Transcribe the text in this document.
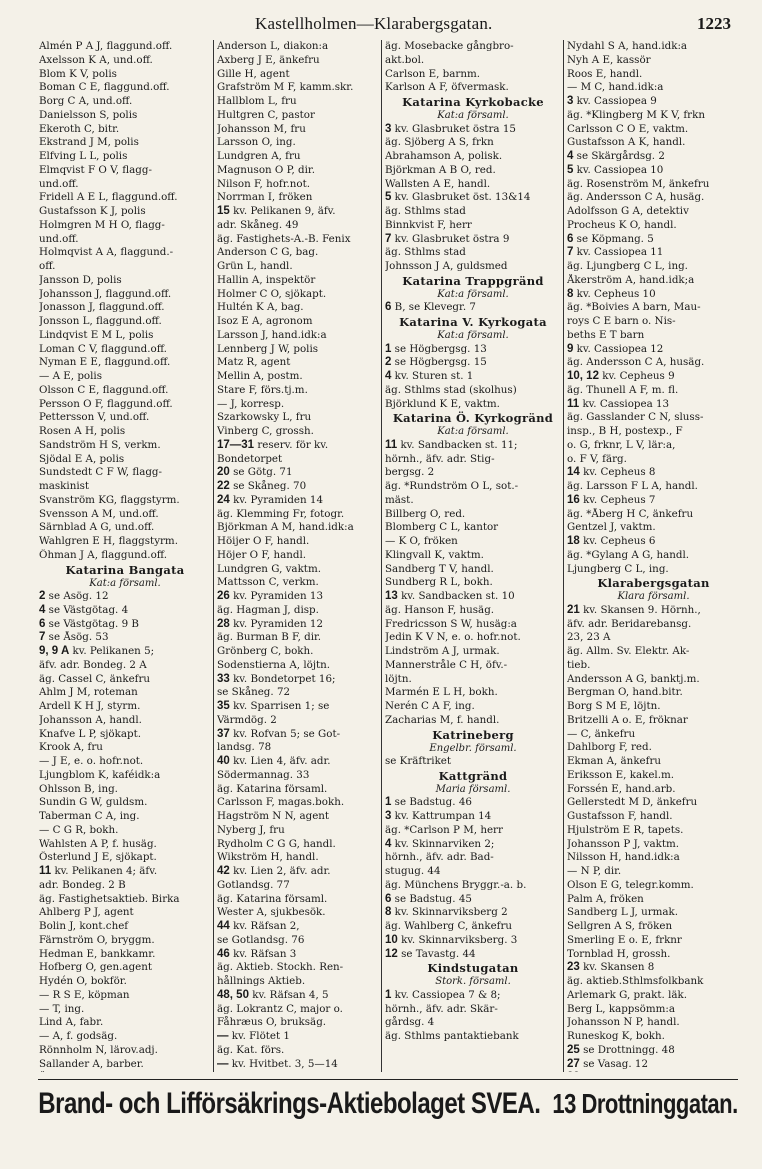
Kastellholmen—Klarabergsgatan.	1223
Almén P A J, flaggund.off.
Axelsson K A, und.off.
Blom K V, polis
Boman C E, flaggund.off.
Borg C A, und.off.
Danielsson S, polis
Ekeroth C, bitr.
Ekstrand J M, polis
Elfving L L, polis
Elmqvist F O V, flagg-
und.off.
Fridell A E L, flaggund.off.
Gustafsson K J, polis
Holmgren M H O, flagg-
und.off.
Holmqvist A A, flaggund.-
off.
Jansson D, polis
Johansson J, flaggund.off.
Jonasson J, flaggund.off.
Jonsson L, flaggund.off.
Lindqvist E M L, polis
Loman C V, flaggund.off.
Nyman E E, flaggund.off.
— A E, polis
Olsson C E, flaggund.off.
Persson O F, flaggund.off.
Pettersson V, und.off.
Rosen A H, polis
Sandström H S, verkm.
Sjödal E A, polis
Sundstedt C F W, flagg-
maskinist
Svanström KG, flaggstyrm.
Svensson A M, und.off.
Särnblad A G, und.off.
Wahlgren E H, flaggstyrm.
Öhman J A, flaggund.off.
Katarina Bangata
Kat:a församl.
2 se Asög. 12
4 se Västgötag. 4
6 se Västgötag. 9 B
7 se Åsög. 53
9, 9 A kv. Pelikanen 5;
äfv. adr. Bondeg. 2 A
äg. Cassel C, änkefru
Ahlm J M, roteman
Ardell K H J, styrm.
Johansson A, handl.
Knafve L P, sjökapt.
Krook A, fru
— J E, e. o. hofr.not.
Ljungblom K, kaféidk:a
Ohlsson B, ing.
Sundin G W, guldsm.
Taberman C A, ing.
— C G R, bokh.
Wahlsten A P, f. husäg.
Österlund J E, sjökapt.
11 kv. Pelikanen 4; äfv.
adr. Bondeg. 2 B
äg. Fastighetsaktieb. Birka
Ahlberg P J, agent
Bolin J, kont.chef
Färnström O, bryggm.
Hedman E, bankkamr.
Hofberg O, gen.agent
Hydén O, bokför.
— R S E, köpman
— T, ing.
Lind A, fabr.
— A, f. godsäg.
Rönnholm N, lärov.adj.
Sallander A, barber.
Anderson L, diakon:a
Axberg J E, änkefru
Gille H, agent
Grafström M F, kamm.skr.
Hallblom L, fru
Hultgren C, pastor
Johansson M, fru
Larsson O, ing.
Lundgren A, fru
Magnuson O P, dir.
Nilson F, hofr.not.
Norrman I, fröken
15 kv. Pelikanen 9, äfv.
adr. Skåneg. 49
äg. Fastighets-A.-B. Fenix
Anderson C G, bag.
Grün L, handl.
Hallin A, inspektör
Holmer C O, sjökapt.
Hultén K A, bag.
Isoz E A, agronom
Larsson J, hand.idk:a
Lennberg J W, polis
Matz R, agent
Mellin A, postm.
Stare F, förs.tj.m.
— J, korresp.
Szarkowsky L, fru
Vinberg C, grossh.
17—31 reserv. för kv.
Bondetorpet
20 se Götg. 71
22 se Skåneg. 70
24 kv. Pyramiden 14
äg. Klemming Fr, fotogr.
Björkman A M, hand.idk:a
Höijer O F, handl.
Höjer O F, handl.
Lundgren G, vaktm.
Mattsson C, verkm.
26 kv. Pyramiden 13
äg. Hagman J, disp.
28 kv. Pyramiden 12
äg. Burman B F, dir.
Grönberg C, bokh.
Sodenstierna A, löjtn.
33 kv. Bondetorpet 16;
se Skåneg. 72
35 kv. Sparrisen 1; se
Värmdög. 2
37 kv. Rofvan 5; se Got-
landsg. 78
40 kv. Lien 4, äfv. adr.
Södermannag. 33
äg. Katarina församl.
Carlsson F, magas.bokh.
Hagström N N, agent
Nyberg J, fru
Rydholm C G G, handl.
Wikström H, handl.
42 kv. Lien 2, äfv. adr.
Gotlandsg. 77
äg. Katarina församl.
Wester A, sjukbesök.
44 kv. Räfsan 2,
se Gotlandsg. 76
46 kv. Räfsan 3
äg. Aktieb. Stockh. Ren-
hållnings Aktieb.
48, 50 kv. Räfsan 4, 5
äg. Lokrantz C, major o.
Fåhræus O, bruksäg.
— kv. Flötet 1
äg. Kat. förs.
— kv. Hvitbet. 3, 5—14
äg. Mosebacke gångbro-
akt.bol.
Carlson E, barnm.
Karlson A F, öfvermask.
Katarina Kyrkobacke
Kat:a församl.
3 kv. Glasbruket östra 15
äg. Sjöberg A S, frkn
Abrahamson A, polisk.
Björkman A B O, red.
Wallsten A E, handl.
5 kv. Glasbruket öst. 13&14
äg. Sthlms stad
Binnkvist F, herr
7 kv. Glasbruket östra 9
äg. Sthlms stad
Johnsson J A, guldsmed
Katarina Trappgränd
Kat:a församl.
6 B, se Klevegr. 7
Katarina V. Kyrkogata
Kat:a församl.
1 se Högbergsg. 13
2 se Högbergsg. 15
4 kv. Sturen st. 1
äg. Sthlms stad (skolhus)
Björklund K E, vaktm.
Katarina Ö. Kyrkogränd
Kat:a församl.
11 kv. Sandbacken st. 11;
hörnh., äfv. adr. Stig-
bergsg. 2
äg. *Rundström O L, sot.-
mäst.
Billberg O, red.
Blomberg C L, kantor
— K O, fröken
Klingvall K, vaktm.
Sandberg T V, handl.
Sundberg R L, bokh.
13 kv. Sandbacken st. 10
äg. Hanson F, husäg.
Fredricsson S W, husäg:a
Jedin K V N, e. o. hofr.not.
Lindström A J, urmak.
Mannerstråle C H, öfv.-
löjtn.
Marmén E L H, bokh.
Nerén C A F, ing.
Zacharias M, f. handl.
Katrineberg
Engelbr. församl.
se Kräftriket
Kattgränd
Maria församl.
1 se Badstug. 46
3 kv. Kattrumpan 14
äg. *Carlson P M, herr
4 kv. Skinnarviken 2;
hörnh., äfv. adr. Bad-
stugug. 44
äg. Münchens Bryggr.-a. b.
6 se Badstug. 45
8 kv. Skinnarviksberg 2
äg. Wahlberg C, änkefru
10 kv. Skinnarviksberg. 3
12 se Tavastg. 44
Kindstugatan
Stork. församl.
1 kv. Cassiopea 7 & 8;
hörnh., äfv. adr. Skär-
gårdsg. 4
äg. Sthlms pantaktiebank
Nydahl S A, hand.idk:a
Nyh A E, kassör
Roos E, handl.
— M C, hand.idk:a
3 kv. Cassiopea 9
äg. *Klingberg M K V, frkn
Carlsson C O E, vaktm.
Gustafsson A K, handl.
4 se Skärgårdsg. 2
5 kv. Cassiopea 10
äg. Rosenström M, änkefru
äg. Andersson C A, husäg.
Adolfsson G A, detektiv
Procheus K O, handl.
6 se Köpmang. 5
7 kv. Cassiopea 11
äg. Ljungberg C L, ing.
Åkerström A, hand.idk;a
8 kv. Cepheus 10
äg. *Boivies A barn, Mau-
roys C E barn o. Nis-
beths E T barn
9 kv. Cassiopea 12
äg. Andersson C A, husäg.
10, 12 kv. Cepheus 9
äg. Thunell A F, m. fl.
11 kv. Cassiopea 13
äg. Gasslander C N, sluss-
insp., B H, postexp., F
o. G, frknr, L V, lär:a,
o. F V, färg.
14 kv. Cepheus 8
äg. Larsson F L A, handl.
16 kv. Cepheus 7
äg. *Åberg H C, änkefru
Gentzel J, vaktm.
18 kv. Cepheus 6
äg. *Gylang A G, handl.
Ljungberg C L, ing.
Klarabergsgatan
Klara församl.
21 kv. Skansen 9. Hörnh.,
äfv. adr. Beridarebansg.
23, 23 A
äg. Allm. Sv. Elektr. Ak-
tieb.
Andersson A G, banktj.m.
Bergman O, hand.bitr.
Borg S M E, löjtn.
Britzelli A o. E, fröknar
— C, änkefru
Dahlborg F, red.
Ekman A, änkefru
Eriksson E, kakel.m.
Forssén E, hand.arb.
Gellerstedt M D, änkefru
Gustafsson F, handl.
Hjulström E R, tapets.
Johansson P J, vaktm.
Nilsson H, hand.idk:a
— N P, dir.
Olson E G, telegr.komm.
Palm A, fröken
Sandberg L J, urmak.
Sellgren A S, fröken
Smerling E o. E, frknr
Tornblad H, grossh.
23 kv. Skansen 8
äg. aktieb.Sthlmsfolkbank
Arlemark G, prakt. läk.
Berg L, kappsömm:a
Johansson N P, handl.
Runeskog K, bokh.
25 se Drottningg. 48
27 se Vasag. 12
Brand- och Lifförsäkrings-Aktiebolaget SVEA. 13 Drottninggatan.
